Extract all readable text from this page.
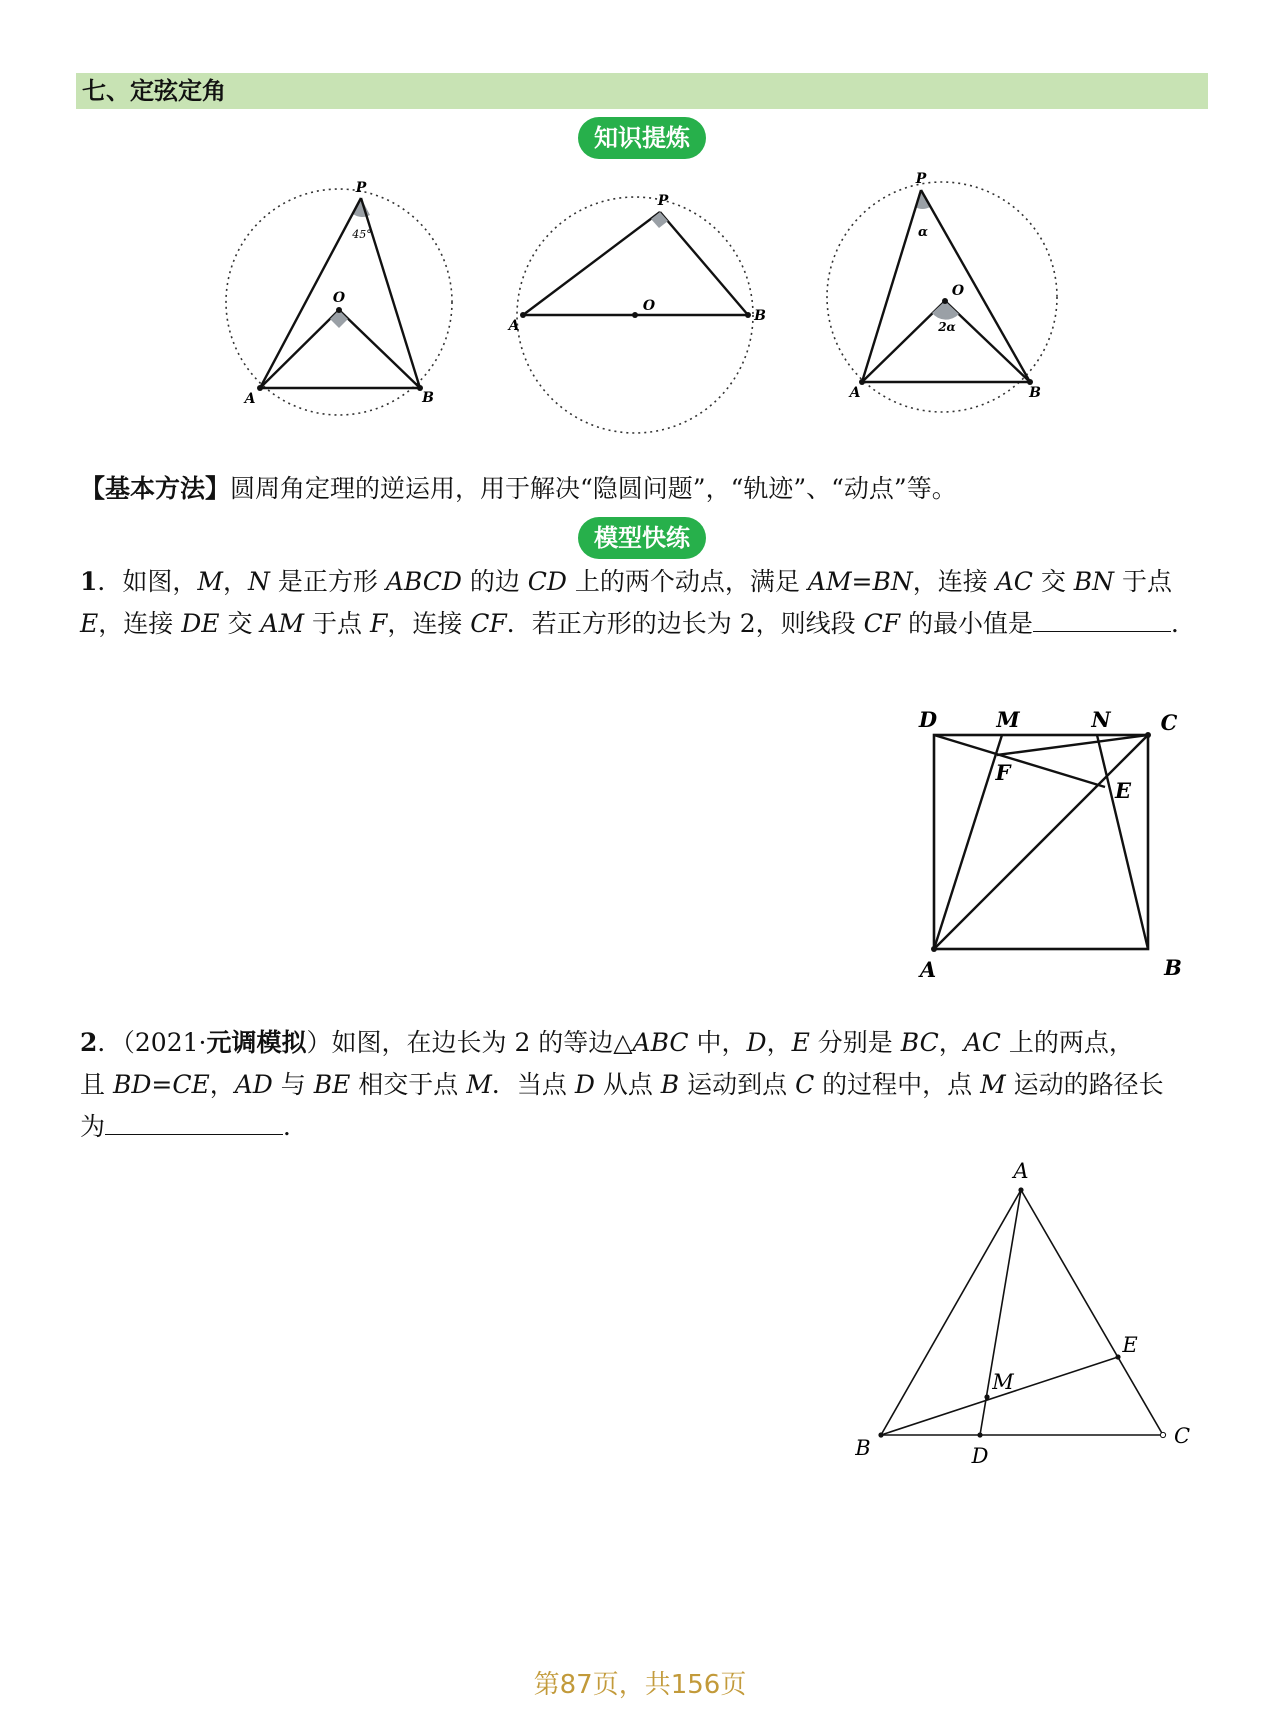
七、定弦定角
知识提炼
P
O
A	B
45°
P
O
A
B
P
O
A	B
α
2α
【基本方法】圆周角定理的逆运用，用于解决“隐圆问题”，“轨迹”、“动点”等。
模型快练
1．如图，M，N 是正方形 ABCD 的边 CD 上的两个动点，满足 AM=BN，连接 AC 交 BN 于点
E，连接 DE 交 AM 于点 F，连接 CF．若正方形的边长为 2，则线段 CF 的最小值是	．
D	M	N C
F
E
A	B
2．（2021·元调模拟）如图，在边长为 2 的等边△ABC 中，D，E 分别是 BC，AC 上的两点，
且 BD=CE，AD 与 BE 相交于点 M．当点 D 从点 B 运动到点 C 的过程中，点 M 运动的路径长
为	．
A
B	C
D
E
M
第87页，共156页
